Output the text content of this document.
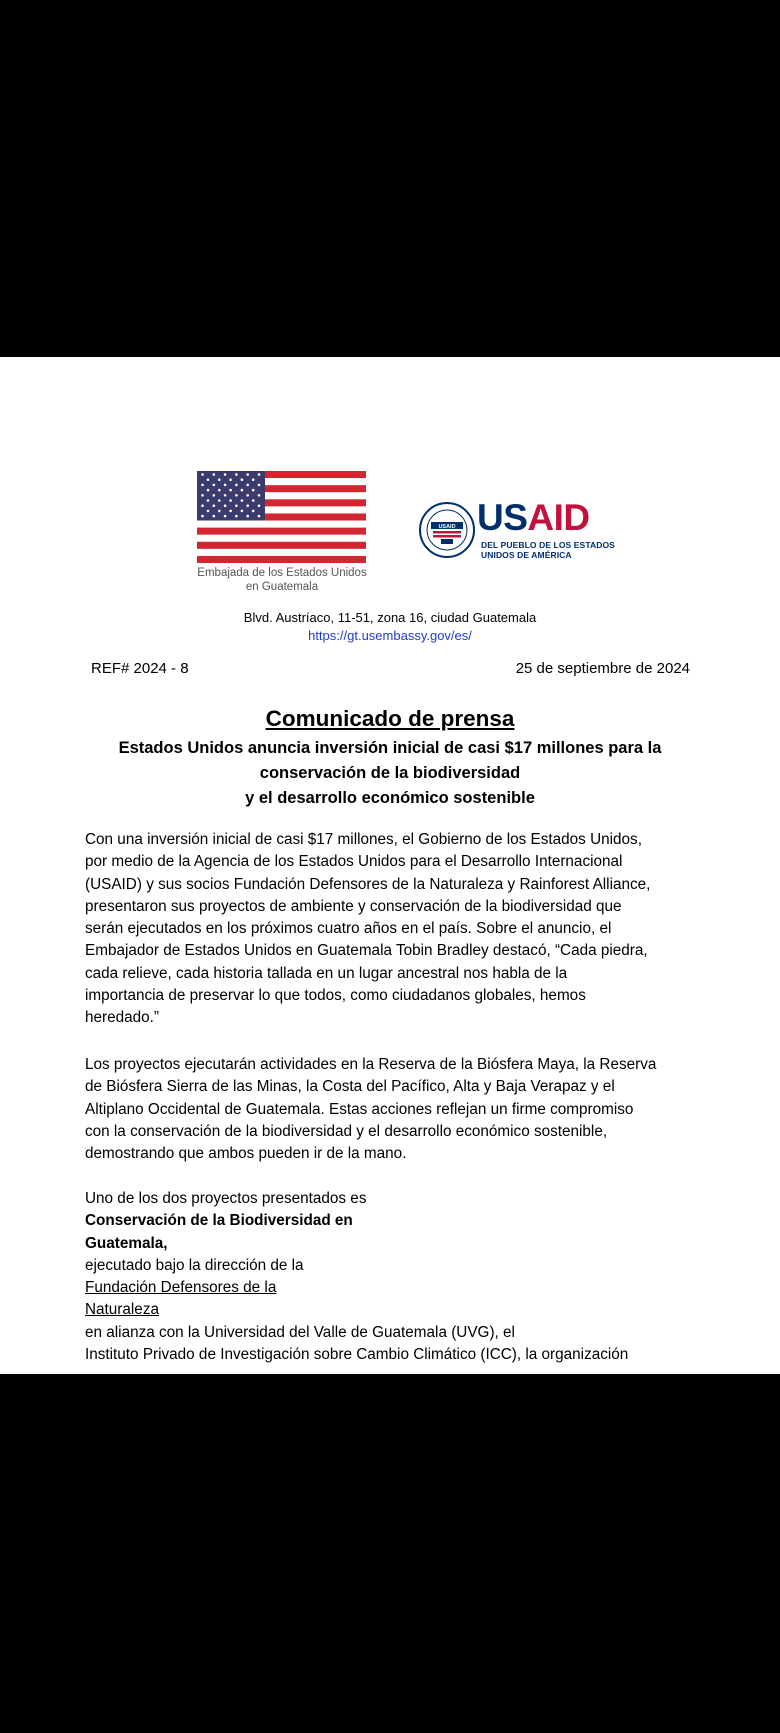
Embajada de los Estados Unidos
en Guatemala
USAID USAID
DEL PUEBLO DE LOS ESTADOS
UNIDOS DE AMÉRICA
Blvd. Austríaco, 11-51, zona 16, ciudad Guatemala
https://gt.usembassy.gov/es/
REF# 2024 - 8	25 de septiembre de 2024
Comunicado de prensa
Estados Unidos anuncia inversión inicial de casi $17 millones para la
conservación de la biodiversidad
y el desarrollo económico sostenible
Con una inversión inicial de casi $17 millones, el Gobierno de los Estados Unidos,
por medio de la Agencia de los Estados Unidos para el Desarrollo Internacional
(USAID) y sus socios Fundación Defensores de la Naturaleza y Rainforest Alliance,
presentaron sus proyectos de ambiente y conservación de la biodiversidad que
serán ejecutados en los próximos cuatro años en el país. Sobre el anuncio, el
Embajador de Estados Unidos en Guatemala Tobin Bradley destacó, “Cada piedra,
cada relieve, cada historia tallada en un lugar ancestral nos habla de la
importancia de preservar lo que todos, como ciudadanos globales, hemos
heredado.”
Los proyectos ejecutarán actividades en la Reserva de la Biósfera Maya, la Reserva
de Biósfera Sierra de las Minas, la Costa del Pacífico, Alta y Baja Verapaz y el
Altiplano Occidental de Guatemala. Estas acciones reflejan un firme compromiso
con la conservación de la biodiversidad y el desarrollo económico sostenible,
demostrando que ambos pueden ir de la mano.
Uno de los dos proyectos presentados es
Conservación de la Biodiversidad en
Guatemala,
ejecutado bajo la dirección de la
Fundación Defensores de la
Naturaleza
en alianza con la Universidad del Valle de Guatemala (UVG), el
Instituto Privado de Investigación sobre Cambio Climático (ICC), la organización
